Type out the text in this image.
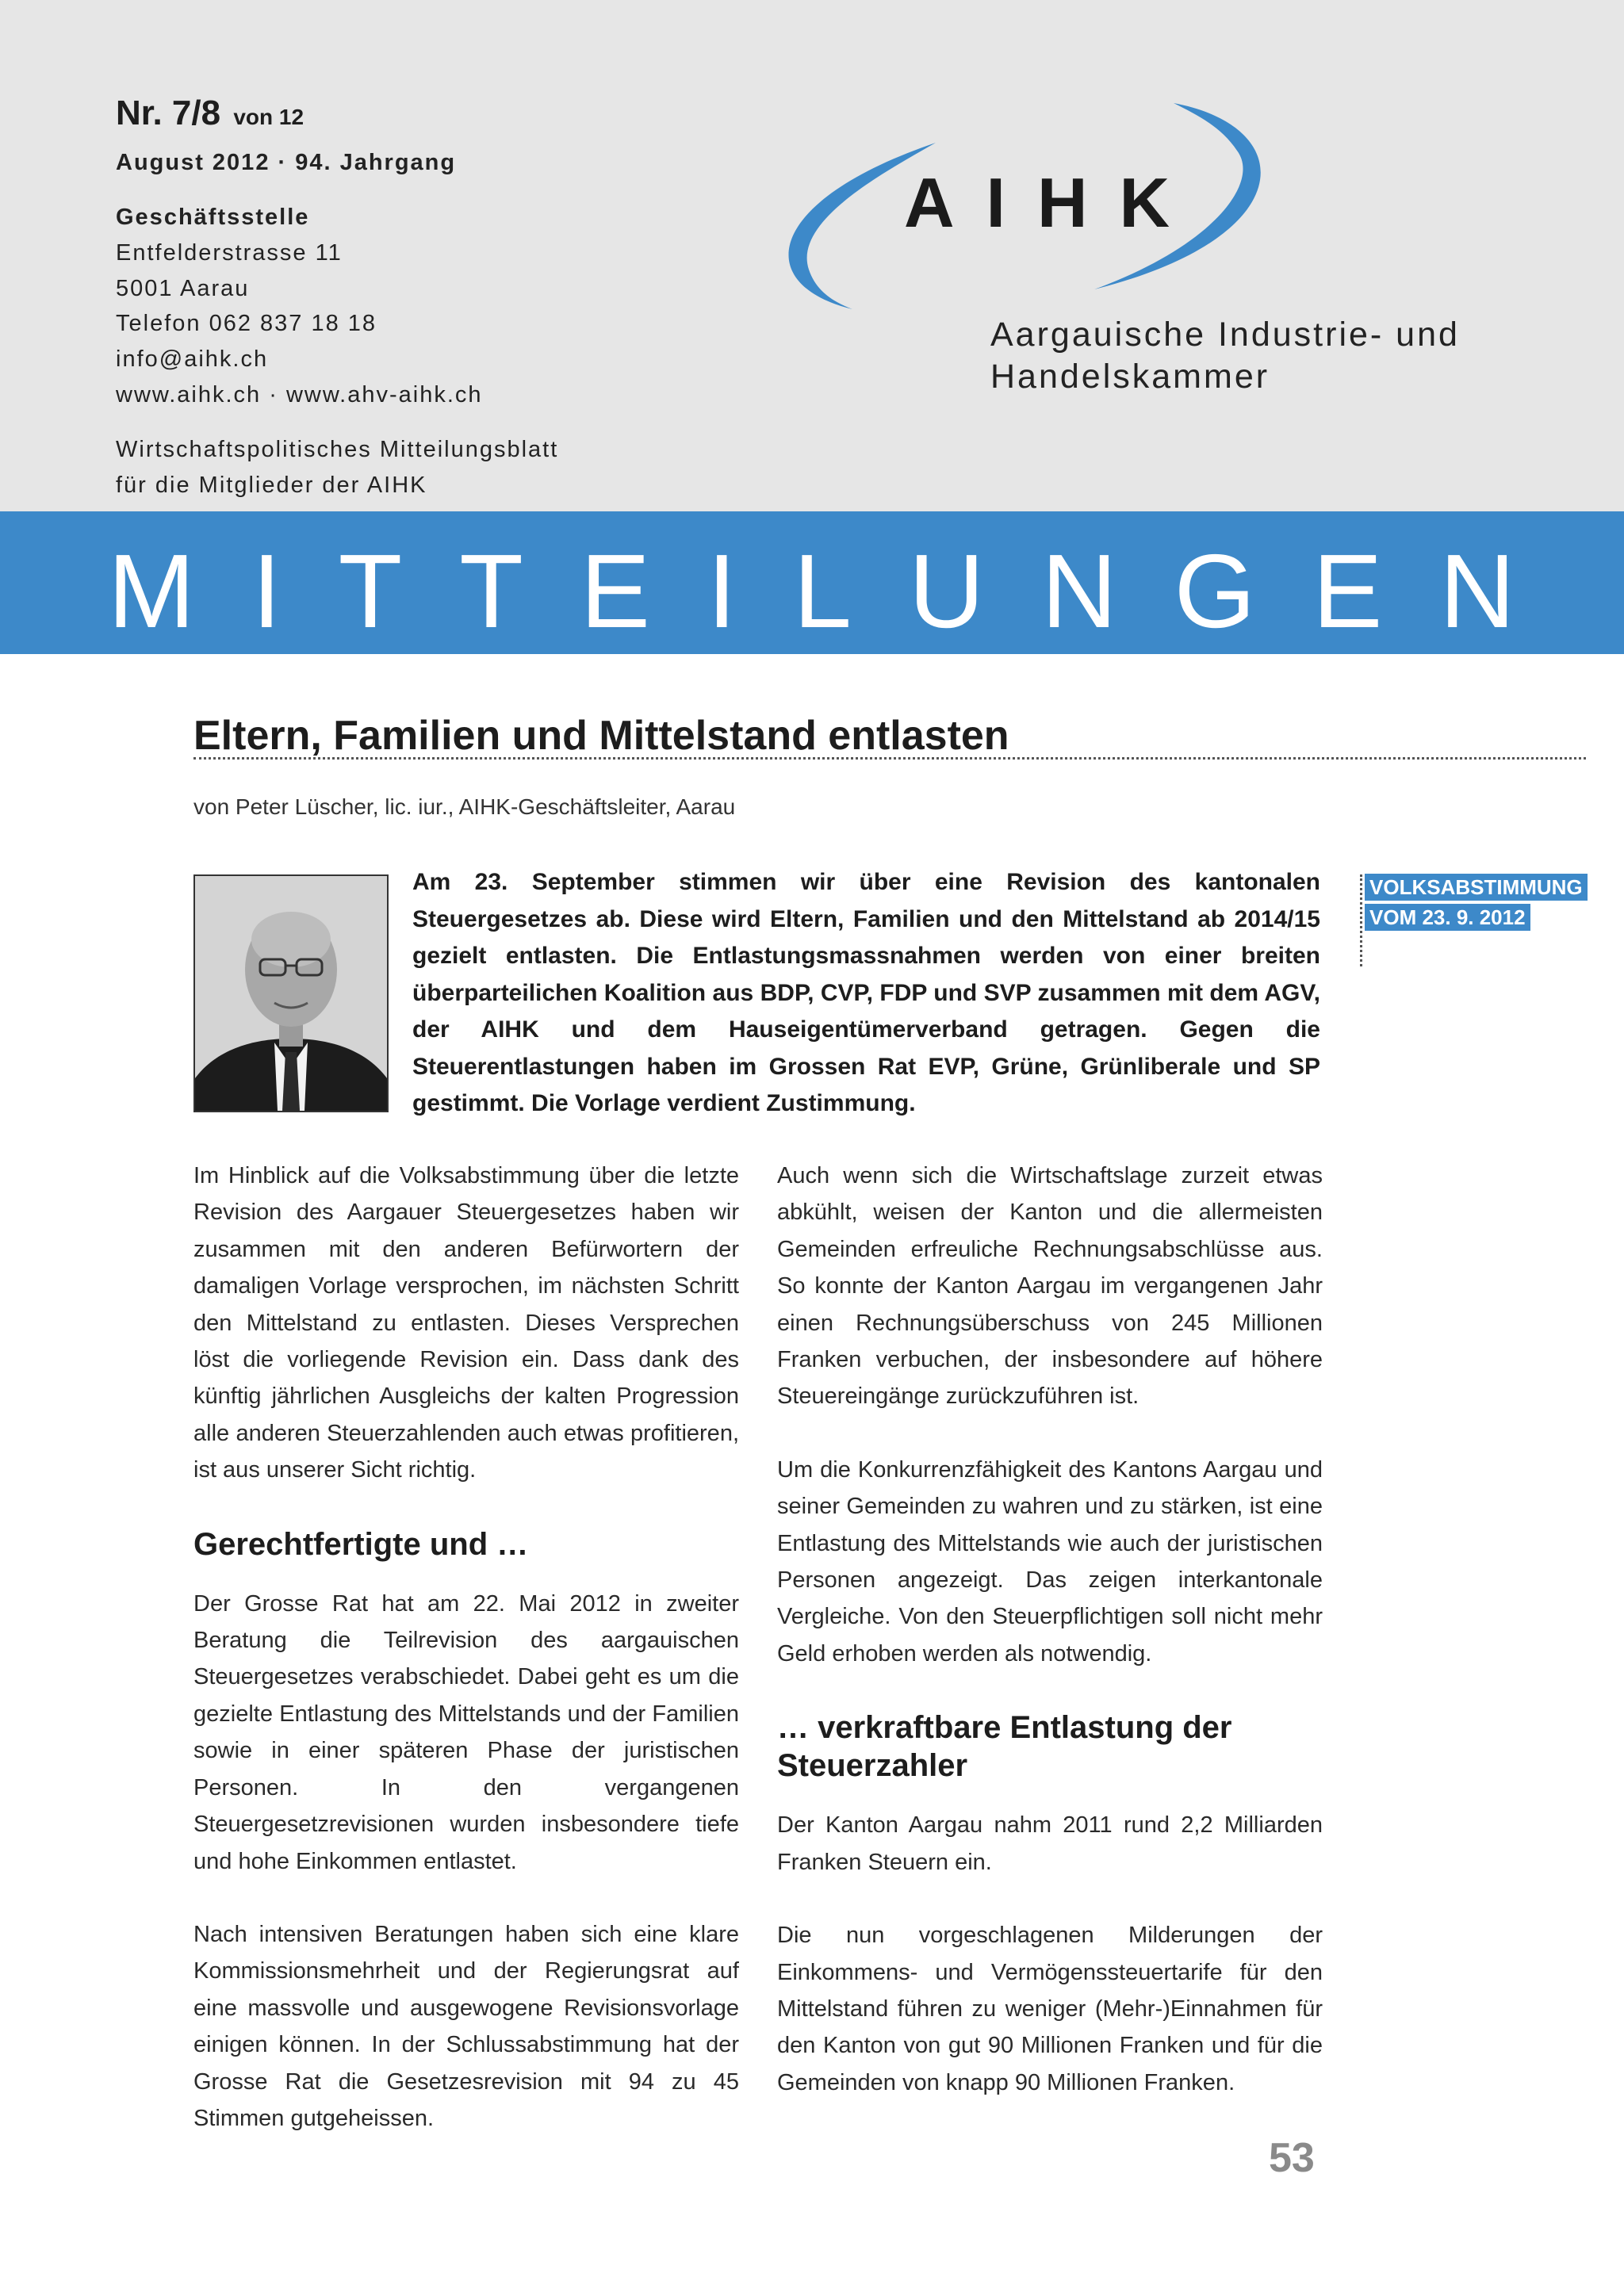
Nr. 7/8 von 12
August 2012 · 94. Jahrgang
Geschäftsstelle
Entfelderstrasse 11
5001 Aarau
Telefon 062 837 18 18
info@aihk.ch
www.aihk.ch · www.ahv-aihk.ch
Wirtschaftspolitisches Mitteilungsblatt
für die Mitglieder der AIHK
AIHK
Aargauische Industrie- und
Handelskammer
MITTEILUNGEN
Eltern, Familien und Mittelstand entlasten
von Peter Lüscher, lic. iur., AIHK-Geschäftsleiter, Aarau
Am 23. September stimmen wir über eine Revision des kantonalen Steuergesetzes ab. Diese wird Eltern, Familien und den Mittelstand ab 2014/15 gezielt entlasten. Die Entlastungsmassnahmen werden von einer breiten überparteilichen Koalition aus BDP, CVP, FDP und SVP zusammen mit dem AGV, der AIHK und dem Hauseigentümerverband getragen. Gegen die Steuerentlastungen haben im Grossen Rat EVP, Grüne, Grünliberale und SP gestimmt. Die Vorlage verdient Zustimmung.
VOLKSABSTIMMUNG
VOM 23. 9. 2012

Im Hinblick auf die Volksabstimmung über die letzte Revision des Aargauer Steuergesetzes haben wir zusammen mit den anderen Befürwortern der damaligen Vorlage versprochen, im nächsten Schritt den Mittelstand zu entlasten. Dieses Versprechen löst die vorliegende Revision ein. Dass dank des künftig jährlichen Ausgleichs der kalten Progression alle anderen Steuerzahlenden auch etwas profitieren, ist aus unserer Sicht richtig.

Gerechtfertigte und …

Der Grosse Rat hat am 22. Mai 2012 in zweiter Beratung die Teilrevision des aargauischen Steuergesetzes verabschiedet. Dabei geht es um die gezielte Entlastung des Mittelstands und der Familien sowie in einer späteren Phase der juristischen Personen. In den vergangenen Steuergesetzrevisionen wurden insbesondere tiefe und hohe Einkommen entlastet.

Nach intensiven Beratungen haben sich eine klare Kommissionsmehrheit und der Regierungsrat auf eine massvolle und ausgewogene Revisionsvorlage einigen können. In der Schlussabstimmung hat der Grosse Rat die Gesetzesrevision mit 94 zu 45 Stimmen gutgeheissen.

Auch wenn sich die Wirtschaftslage zurzeit etwas abkühlt, weisen der Kanton und die allermeisten Gemeinden erfreuliche Rechnungsabschlüsse aus. So konnte der Kanton Aargau im vergangenen Jahr einen Rechnungsüberschuss von 245 Millionen Franken verbuchen, der insbesondere auf höhere Steuereingänge zurückzuführen ist.

Um die Konkurrenzfähigkeit des Kantons Aargau und seiner Gemeinden zu wahren und zu stärken, ist eine Entlastung des Mittelstands wie auch der juristischen Personen angezeigt. Das zeigen interkantonale Vergleiche. Von den Steuerpflichtigen soll nicht mehr Geld erhoben werden als notwendig.

… verkraftbare Entlastung der Steuerzahler

Der Kanton Aargau nahm 2011 rund 2,2 Milliarden Franken Steuern ein.

Die nun vorgeschlagenen Milderungen der Einkommens- und Vermögenssteuertarife für den Mittelstand führen zu weniger (Mehr-)Einnahmen für den Kanton von gut 90 Millionen Franken und für die Gemeinden von knapp 90 Millionen Franken.

53
